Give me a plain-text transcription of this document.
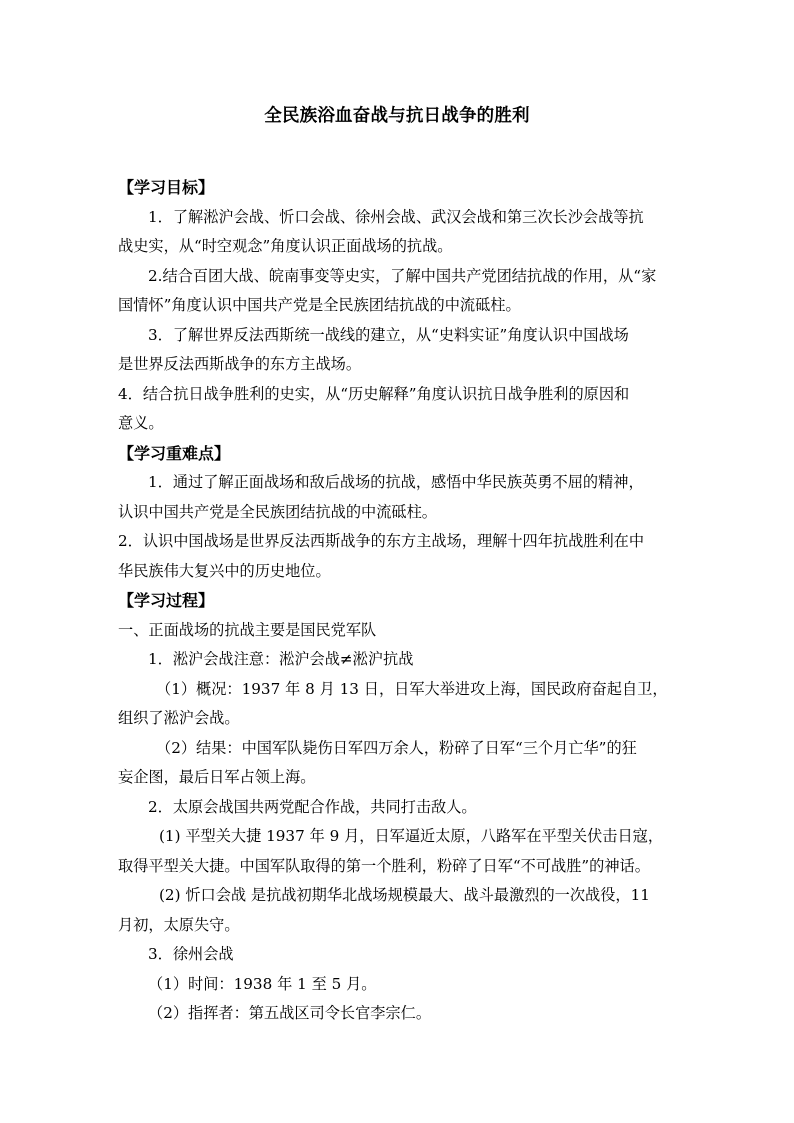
全民族浴血奋战与抗日战争的胜利
【学习目标】
1．了解淞沪会战、忻口会战、徐州会战、武汉会战和第三次长沙会战等抗
战史实，从“时空观念”角度认识正面战场的抗战。
2.结合百团大战、皖南事变等史实，了解中国共产党团结抗战的作用，从“家
国情怀”角度认识中国共产党是全民族团结抗战的中流砥柱。
3．了解世界反法西斯统一战线的建立，从“史料实证”角度认识中国战场
是世界反法西斯战争的东方主战场。
4．结合抗日战争胜利的史实，从“历史解释”角度认识抗日战争胜利的原因和
意义。
【学习重难点】
1．通过了解正面战场和敌后战场的抗战，感悟中华民族英勇不屈的精神，
认识中国共产党是全民族团结抗战的中流砥柱。
2．认识中国战场是世界反法西斯战争的东方主战场，理解十四年抗战胜利在中
华民族伟大复兴中的历史地位。
【学习过程】
一、正面战场的抗战主要是国民党军队
1．淞沪会战注意：淞沪会战≠淞沪抗战
（1）概况：1937 年 8 月 13 日，日军大举进攻上海，国民政府奋起自卫，
组织了淞沪会战。
（2）结果：中国军队毙伤日军四万余人，粉碎了日军“三个月亡华”的狂
妄企图，最后日军占领上海。
2．太原会战国共两党配合作战，共同打击敌人。
(1) 平型关大捷 1937 年 9 月，日军逼近太原，八路军在平型关伏击日寇，
取得平型关大捷。中国军队取得的第一个胜利，粉碎了日军“不可战胜”的神话。
(2) 忻口会战 是抗战初期华北战场规模最大、战斗最激烈的一次战役，11
月初，太原失守。
3．徐州会战
（1）时间：1938 年 1 至 5 月。
（2）指挥者：第五战区司令长官李宗仁。
